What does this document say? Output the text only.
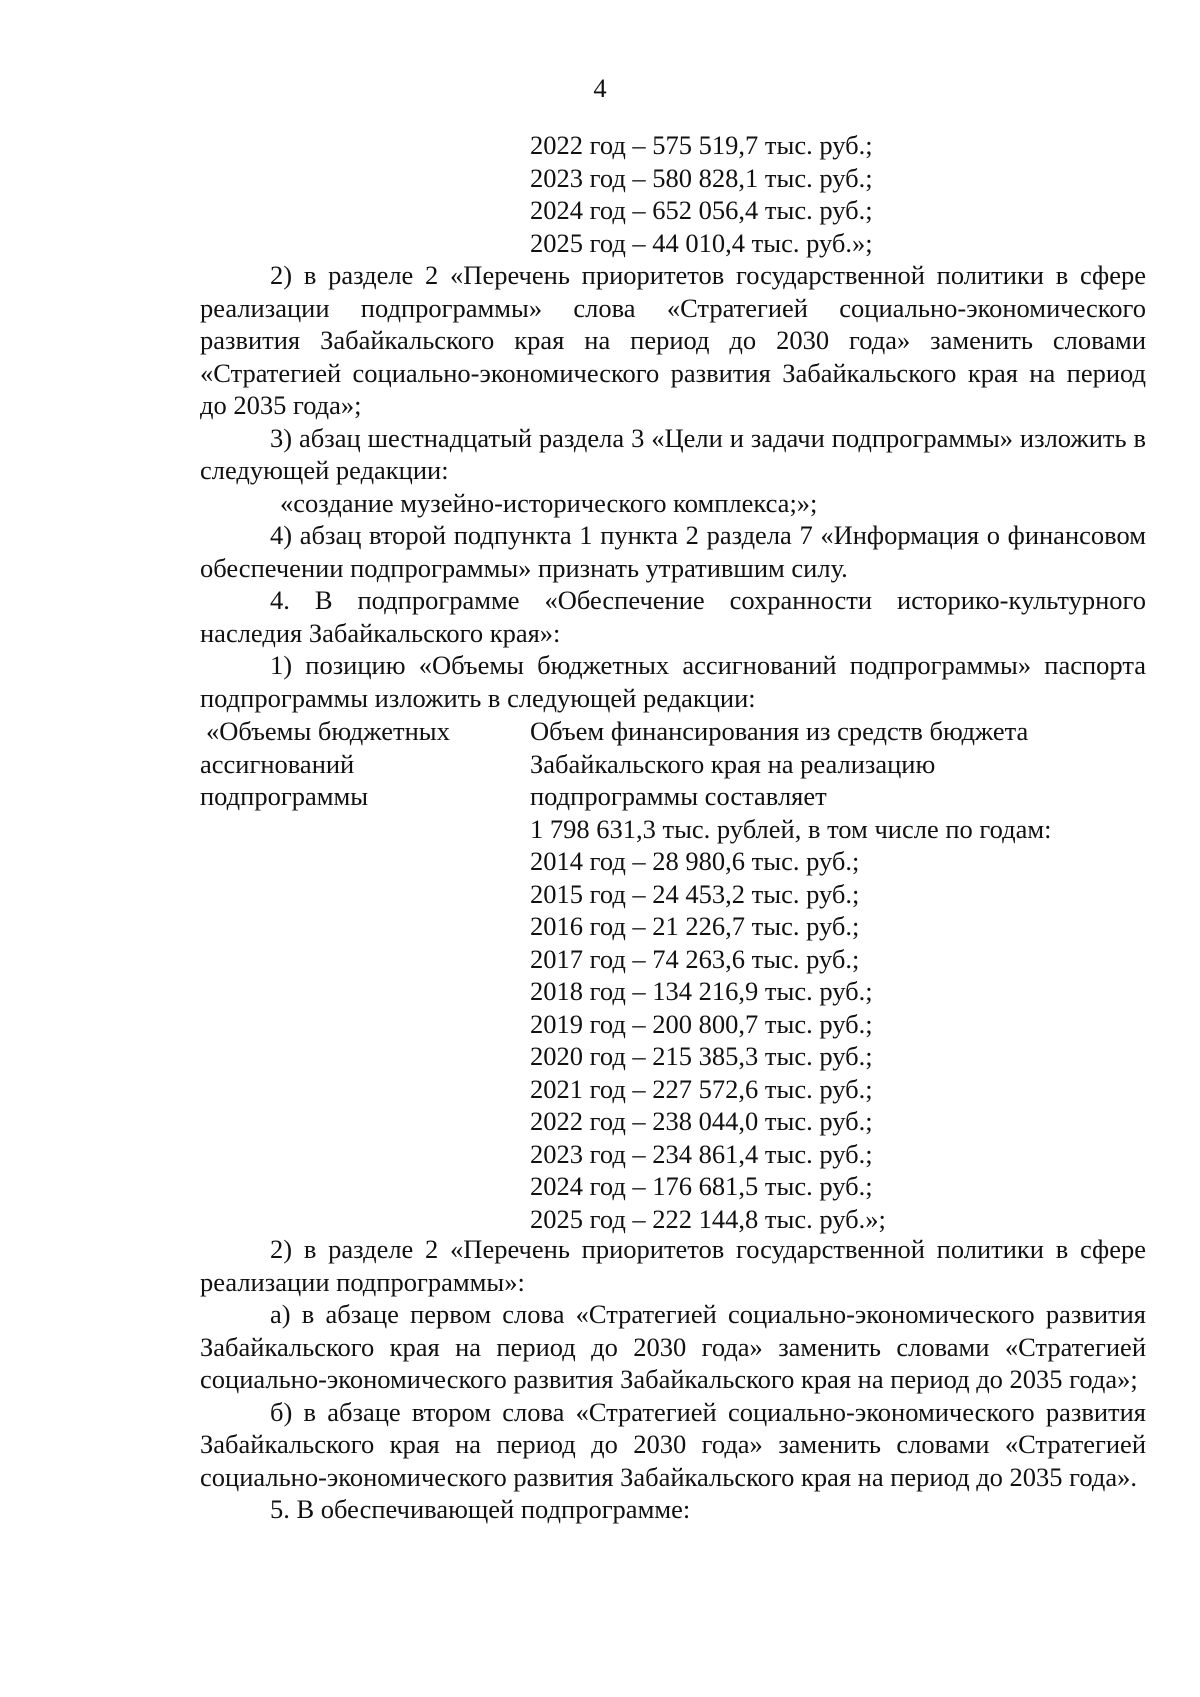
4
2022 год – 575 519,7 тыс. руб.;
2023 год – 580 828,1 тыс. руб.;
2024 год – 652 056,4 тыс. руб.;
2025 год – 44 010,4 тыс. руб.»;

2) в разделе 2 «Перечень приоритетов государственной политики в сфере реализации подпрограммы» слова «Стратегией социально-экономического развития Забайкальского края на период до 2030 года» заменить словами «Стратегией социально-экономического развития Забайкальского края на период до 2035 года»;

3) абзац шестнадцатый раздела 3 «Цели и задачи подпрограммы» изложить в следующей редакции:

«создание музейно-исторического комплекса;»;

4) абзац второй подпункта 1 пункта 2 раздела 7 «Информация о финансовом обеспечении подпрограммы» признать утратившим силу.

4. В подпрограмме «Обеспечение сохранности историко-культурного наследия Забайкальского края»:

1) позицию «Объемы бюджетных ассигнований подпрограммы» паспорта подпрограммы изложить в следующей редакции:

«Объемы бюджетных
ассигнований
подпрограммы
Объем финансирования из средств бюджета
Забайкальского края на реализацию
подпрограммы составляет
1 798 631,3 тыс. рублей, в том числе по годам:
2014 год – 28 980,6 тыс. руб.;
2015 год – 24 453,2 тыс. руб.;
2016 год – 21 226,7 тыс. руб.;
2017 год – 74 263,6 тыс. руб.;
2018 год – 134 216,9 тыс. руб.;
2019 год – 200 800,7 тыс. руб.;
2020 год – 215 385,3 тыс. руб.;
2021 год – 227 572,6 тыс. руб.;
2022 год – 238 044,0 тыс. руб.;
2023 год – 234 861,4 тыс. руб.;
2024 год – 176 681,5 тыс. руб.;
2025 год – 222 144,8 тыс. руб.»;

2) в разделе 2 «Перечень приоритетов государственной политики в сфере реализации подпрограммы»:

а) в абзаце первом слова «Стратегией социально-экономического развития Забайкальского края на период до 2030 года» заменить словами «Стратегией социально-экономического развития Забайкальского края на период до 2035 года»;

б) в абзаце втором слова «Стратегией социально-экономического развития Забайкальского края на период до 2030 года» заменить словами «Стратегией социально-экономического развития Забайкальского края на период до 2035 года».

5. В обеспечивающей подпрограмме:
